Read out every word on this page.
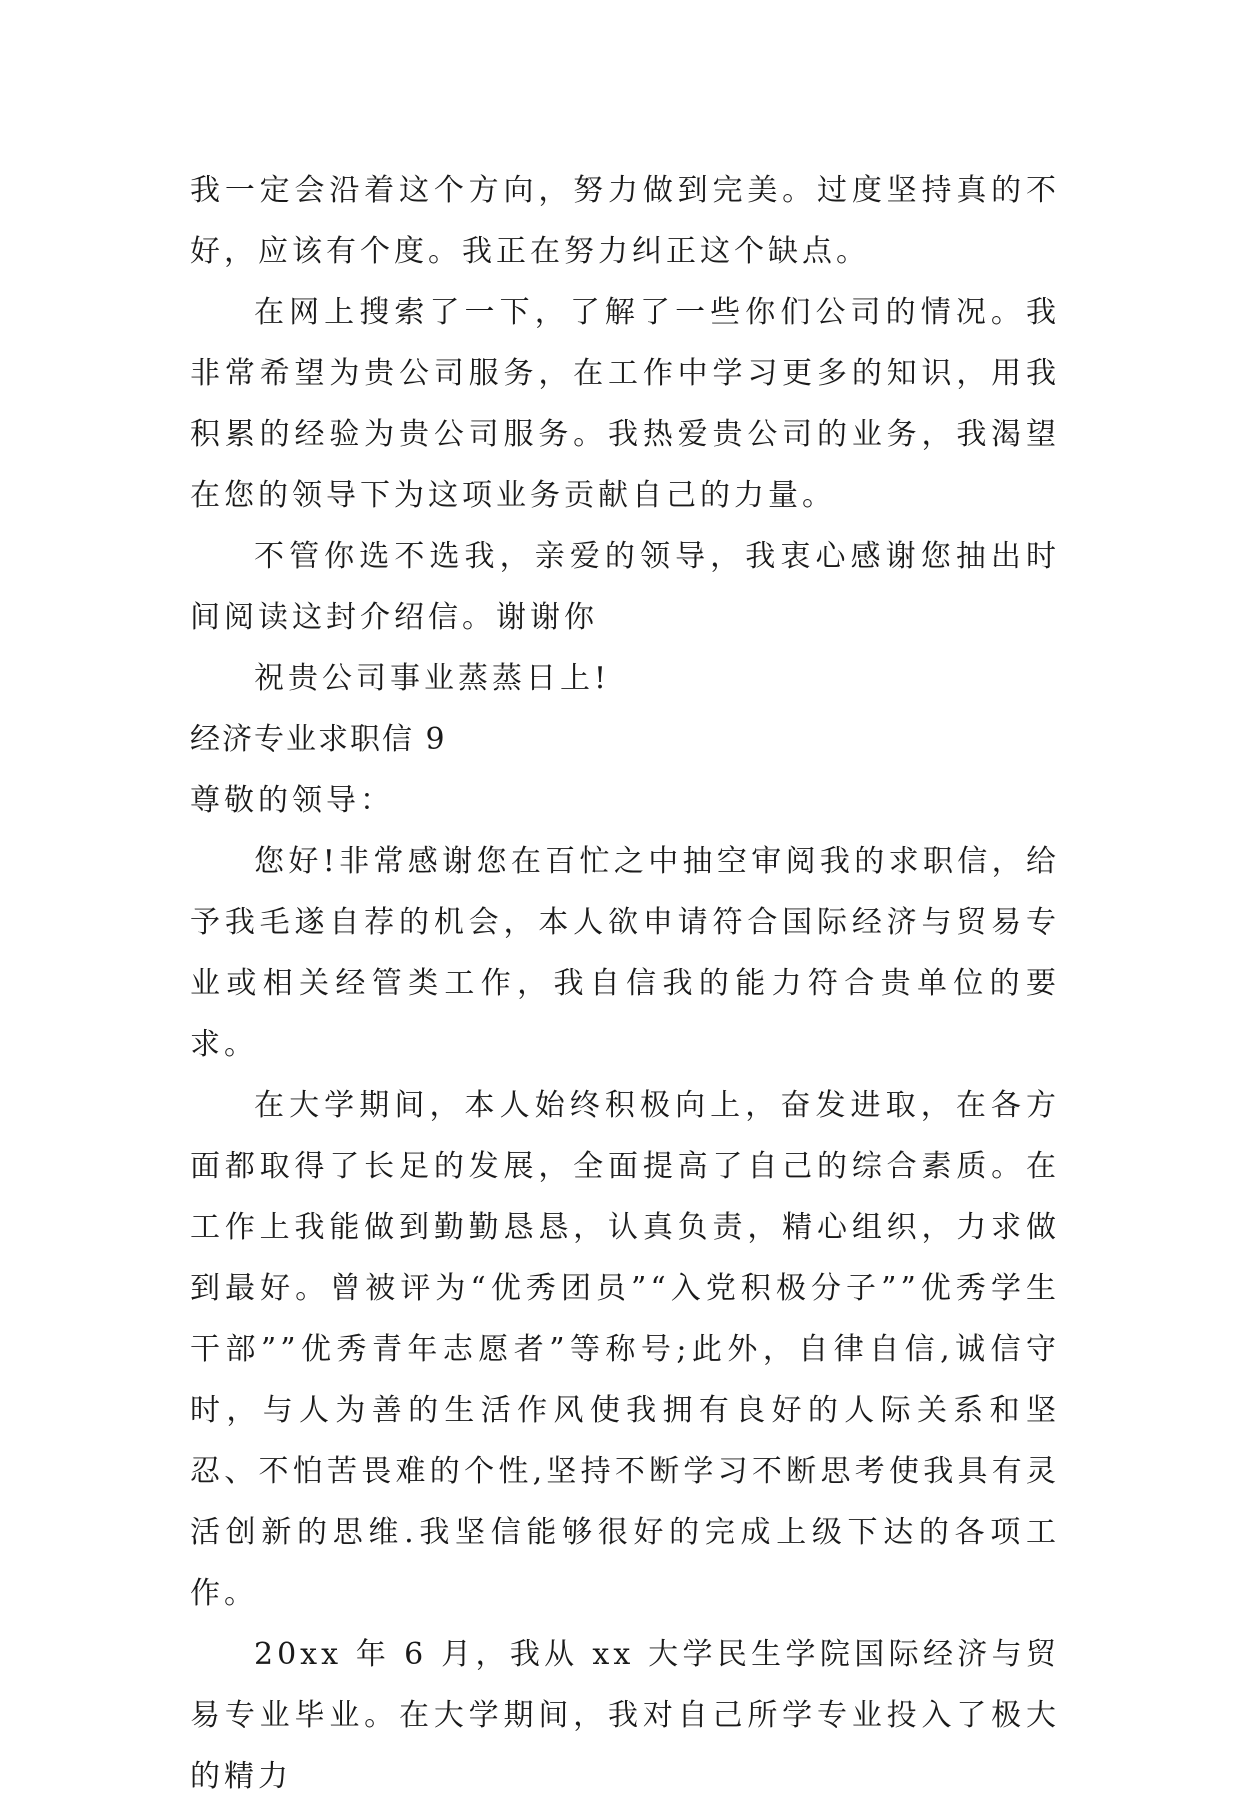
我一定会沿着这个方向，努力做到完美。过度坚持真的不好，应该有个度。我正在努力纠正这个缺点。

在网上搜索了一下，了解了一些你们公司的情况。我非常希望为贵公司服务，在工作中学习更多的知识，用我积累的经验为贵公司服务。我热爱贵公司的业务，我渴望在您的领导下为这项业务贡献自己的力量。

不管你选不选我，亲爱的领导，我衷心感谢您抽出时间阅读这封介绍信。谢谢你

祝贵公司事业蒸蒸日上!

经济专业求职信 9

尊敬的领导：

您好!非常感谢您在百忙之中抽空审阅我的求职信，给予我毛遂自荐的机会，本人欲申请符合国际经济与贸易专业或相关经管类工作，我自信我的能力符合贵单位的要求。

在大学期间，本人始终积极向上，奋发进取，在各方面都取得了长足的发展，全面提高了自己的综合素质。在工作上我能做到勤勤恳恳，认真负责，精心组织，力求做到最好。曾被评为“优秀团员”“入党积极分子””优秀学生干部””优秀青年志愿者”等称号;此外，自律自信,诚信守时，与人为善的生活作风使我拥有良好的人际关系和坚忍、不怕苦畏难的个性,坚持不断学习不断思考使我具有灵活创新的思维.我坚信能够很好的完成上级下达的各项工作。

20xx 年 6 月，我从 xx 大学民生学院国际经济与贸易专业毕业。在大学期间，我对自己所学专业投入了极大的精力
